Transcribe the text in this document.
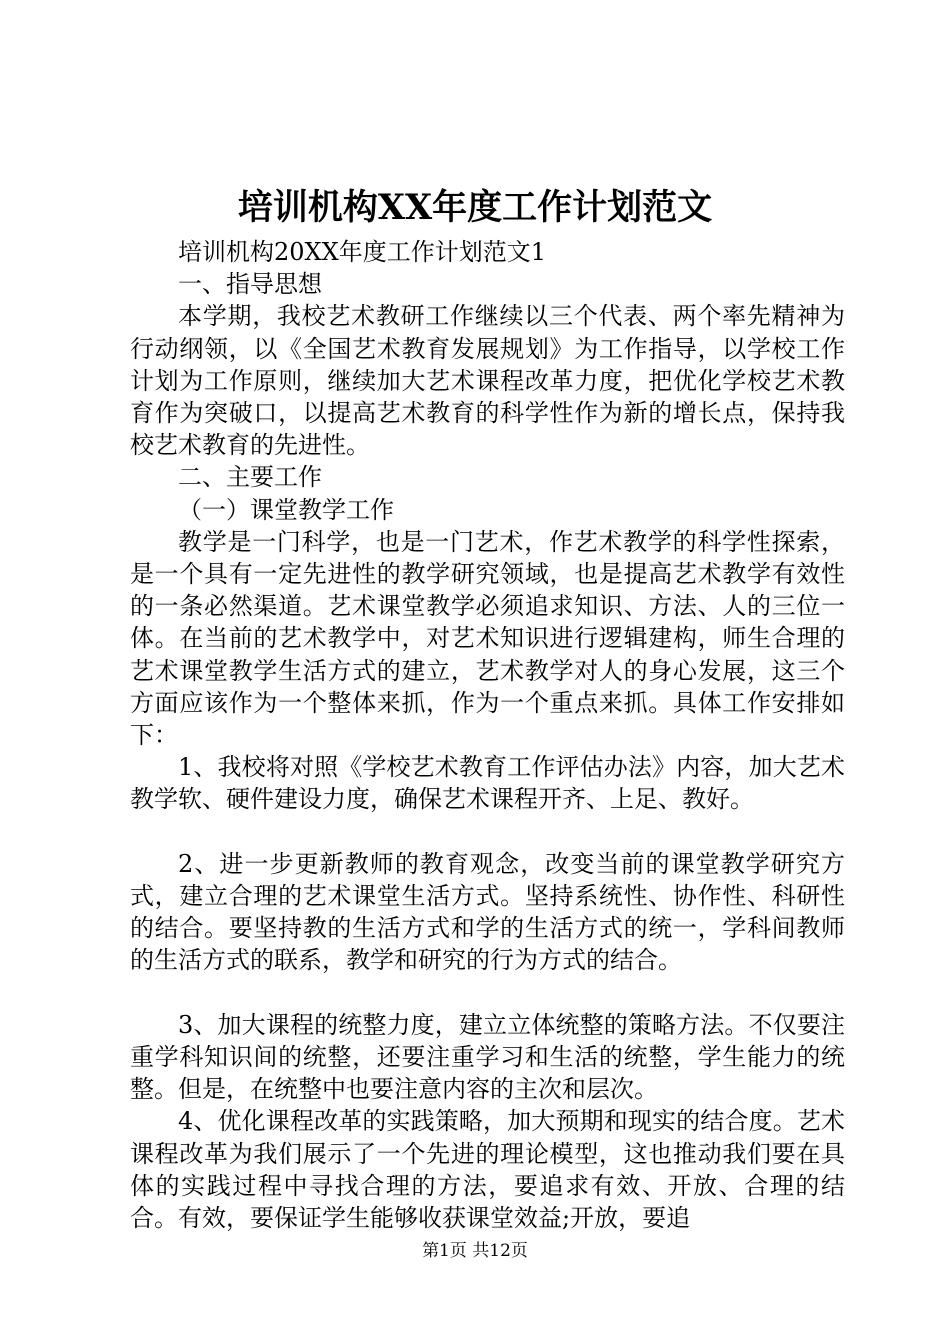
培训机构XX年度工作计划范文

培训机构20XX年度工作计划范文1

一、指导思想

本学期，我校艺术教研工作继续以三个代表、两个率先精神为行动纲领，以《全国艺术教育发展规划》为工作指导，以学校工作计划为工作原则，继续加大艺术课程改革力度，把优化学校艺术教育作为突破口，以提高艺术教育的科学性作为新的增长点，保持我校艺术教育的先进性。

二、主要工作

（一）课堂教学工作

教学是一门科学，也是一门艺术，作艺术教学的科学性探索，是一个具有一定先进性的教学研究领域，也是提高艺术教学有效性的一条必然渠道。艺术课堂教学必须追求知识、方法、人的三位一体。在当前的艺术教学中，对艺术知识进行逻辑建构，师生合理的艺术课堂教学生活方式的建立，艺术教学对人的身心发展，这三个方面应该作为一个整体来抓，作为一个重点来抓。具体工作安排如下：

1、我校将对照《学校艺术教育工作评估办法》内容，加大艺术教学软、硬件建设力度，确保艺术课程开齐、上足、教好。

2、进一步更新教师的教育观念，改变当前的课堂教学研究方式，建立合理的艺术课堂生活方式。坚持系统性、协作性、科研性的结合。要坚持教的生活方式和学的生活方式的统一，学科间教师的生活方式的联系，教学和研究的行为方式的结合。

3、加大课程的统整力度，建立立体统整的策略方法。不仅要注重学科知识间的统整，还要注重学习和生活的统整，学生能力的统整。但是，在统整中也要注意内容的主次和层次。

4、优化课程改革的实践策略，加大预期和现实的结合度。艺术课程改革为我们展示了一个先进的理论模型，这也推动我们要在具体的实践过程中寻找合理的方法，要追求有效、开放、合理的结合。有效，要保证学生能够收获课堂效益;开放，要追

第1页 共12页
